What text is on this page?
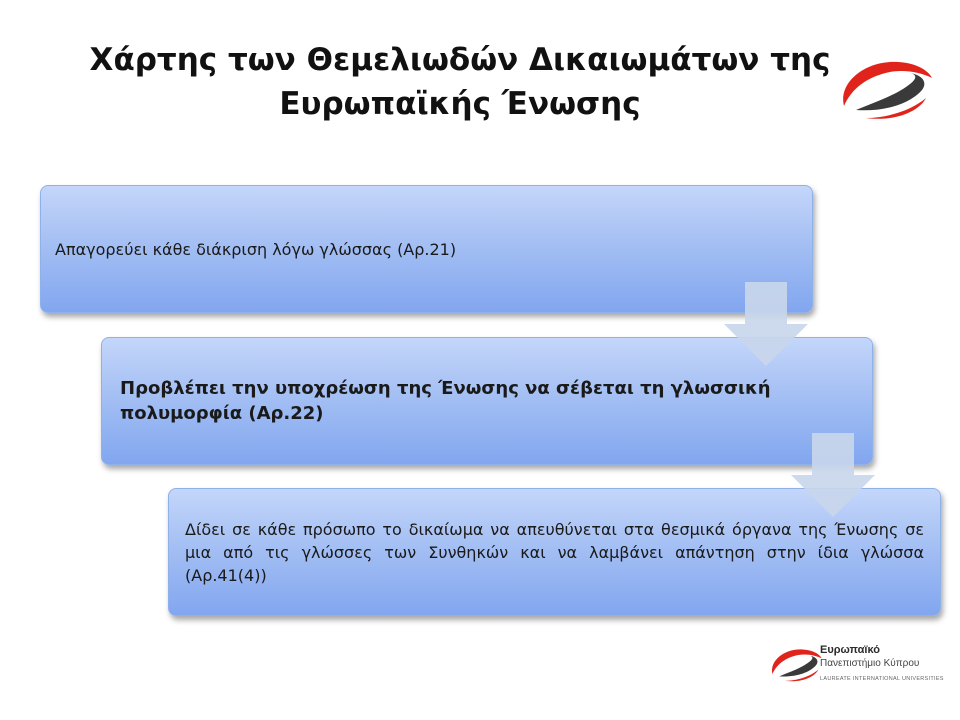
Χάρτης των Θεμελιωδών Δικαιωμάτων της
Ευρωπαϊκής Ένωσης
Απαγορεύει κάθε διάκριση λόγω γλώσσας (Αρ.21)
Προβλέπει την υποχρέωση της Ένωσης να σέβεται τη γλωσσική πολυμορφία (Αρ.22)
Δίδει σε κάθε πρόσωπο το δικαίωμα να απευθύνεται στα θεσμικά όργανα της Ένωσης σε μια από τις γλώσσες των Συνθηκών και να λαμβάνει απάντηση στην ίδια γλώσσα (Αρ.41(4))
Ευρωπαϊκό
Πανεπιστήμιο Κύπρου
LAUREATE INTERNATIONAL UNIVERSITIES
